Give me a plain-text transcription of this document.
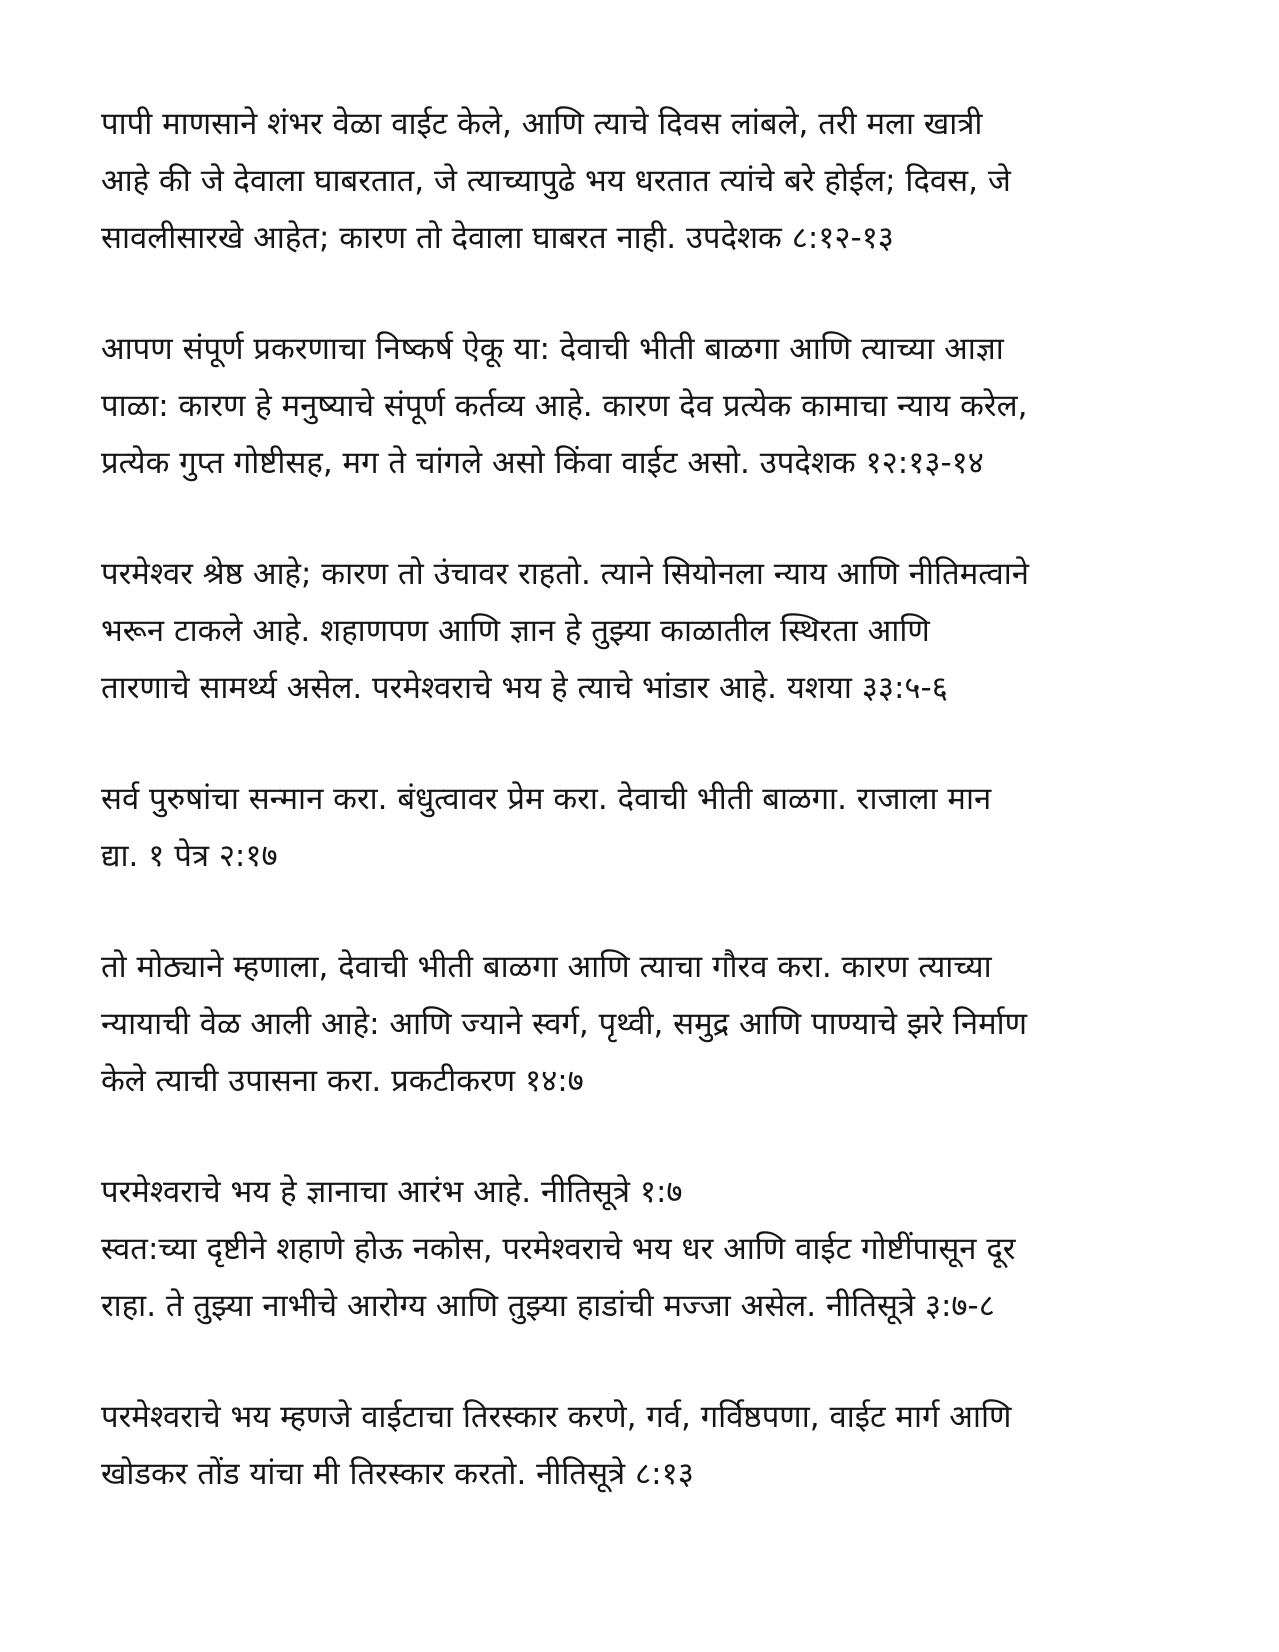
पापी माणसाने शंभर वेळा वाईट केले, आणि त्याचे दिवस लांबले, तरी मला खात्री
आहे की जे देवाला घाबरतात, जे त्याच्यापुढे भय धरतात त्यांचे बरे होईल; दिवस, जे
सावलीसारखे आहेत; कारण तो देवाला घाबरत नाही. उपदेशक ८:१२-१३

आपण संपूर्ण प्रकरणाचा निष्कर्ष ऐकू या: देवाची भीती बाळगा आणि त्याच्या आज्ञा
पाळा: कारण हे मनुष्याचे संपूर्ण कर्तव्य आहे. कारण देव प्रत्येक कामाचा न्याय करेल,
प्रत्येक गुप्त गोष्टीसह, मग ते चांगले असो किंवा वाईट असो. उपदेशक १२:१३-१४

परमेश्वर श्रेष्ठ आहे; कारण तो उंचावर राहतो. त्याने सियोनला न्याय आणि नीतिमत्वाने
भरून टाकले आहे. शहाणपण आणि ज्ञान हे तुझ्या काळातील स्थिरता आणि
तारणाचे सामर्थ्य असेल. परमेश्वराचे भय हे त्याचे भांडार आहे. यशया ३३:५-६

सर्व पुरुषांचा सन्मान करा. बंधुत्वावर प्रेम करा. देवाची भीती बाळगा. राजाला मान
द्या. १ पेत्र २:१७

तो मोठ्याने म्हणाला, देवाची भीती बाळगा आणि त्याचा गौरव करा. कारण त्याच्या
न्यायाची वेळ आली आहे: आणि ज्याने स्वर्ग, पृथ्वी, समुद्र आणि पाण्याचे झरे निर्माण
केले त्याची उपासना करा. प्रकटीकरण १४:७

परमेश्वराचे भय हे ज्ञानाचा आरंभ आहे. नीतिसूत्रे १:७
स्वत:च्या दृष्टीने शहाणे होऊ नकोस, परमेश्वराचे भय धर आणि वाईट गोष्टींपासून दूर
राहा. ते तुझ्या नाभीचे आरोग्य आणि तुझ्या हाडांची मज्जा असेल. नीतिसूत्रे ३:७-८

परमेश्वराचे भय म्हणजे वाईटाचा तिरस्कार करणे, गर्व, गर्विष्ठपणा, वाईट मार्ग आणि
खोडकर तोंड यांचा मी तिरस्कार करतो. नीतिसूत्रे ८:१३
